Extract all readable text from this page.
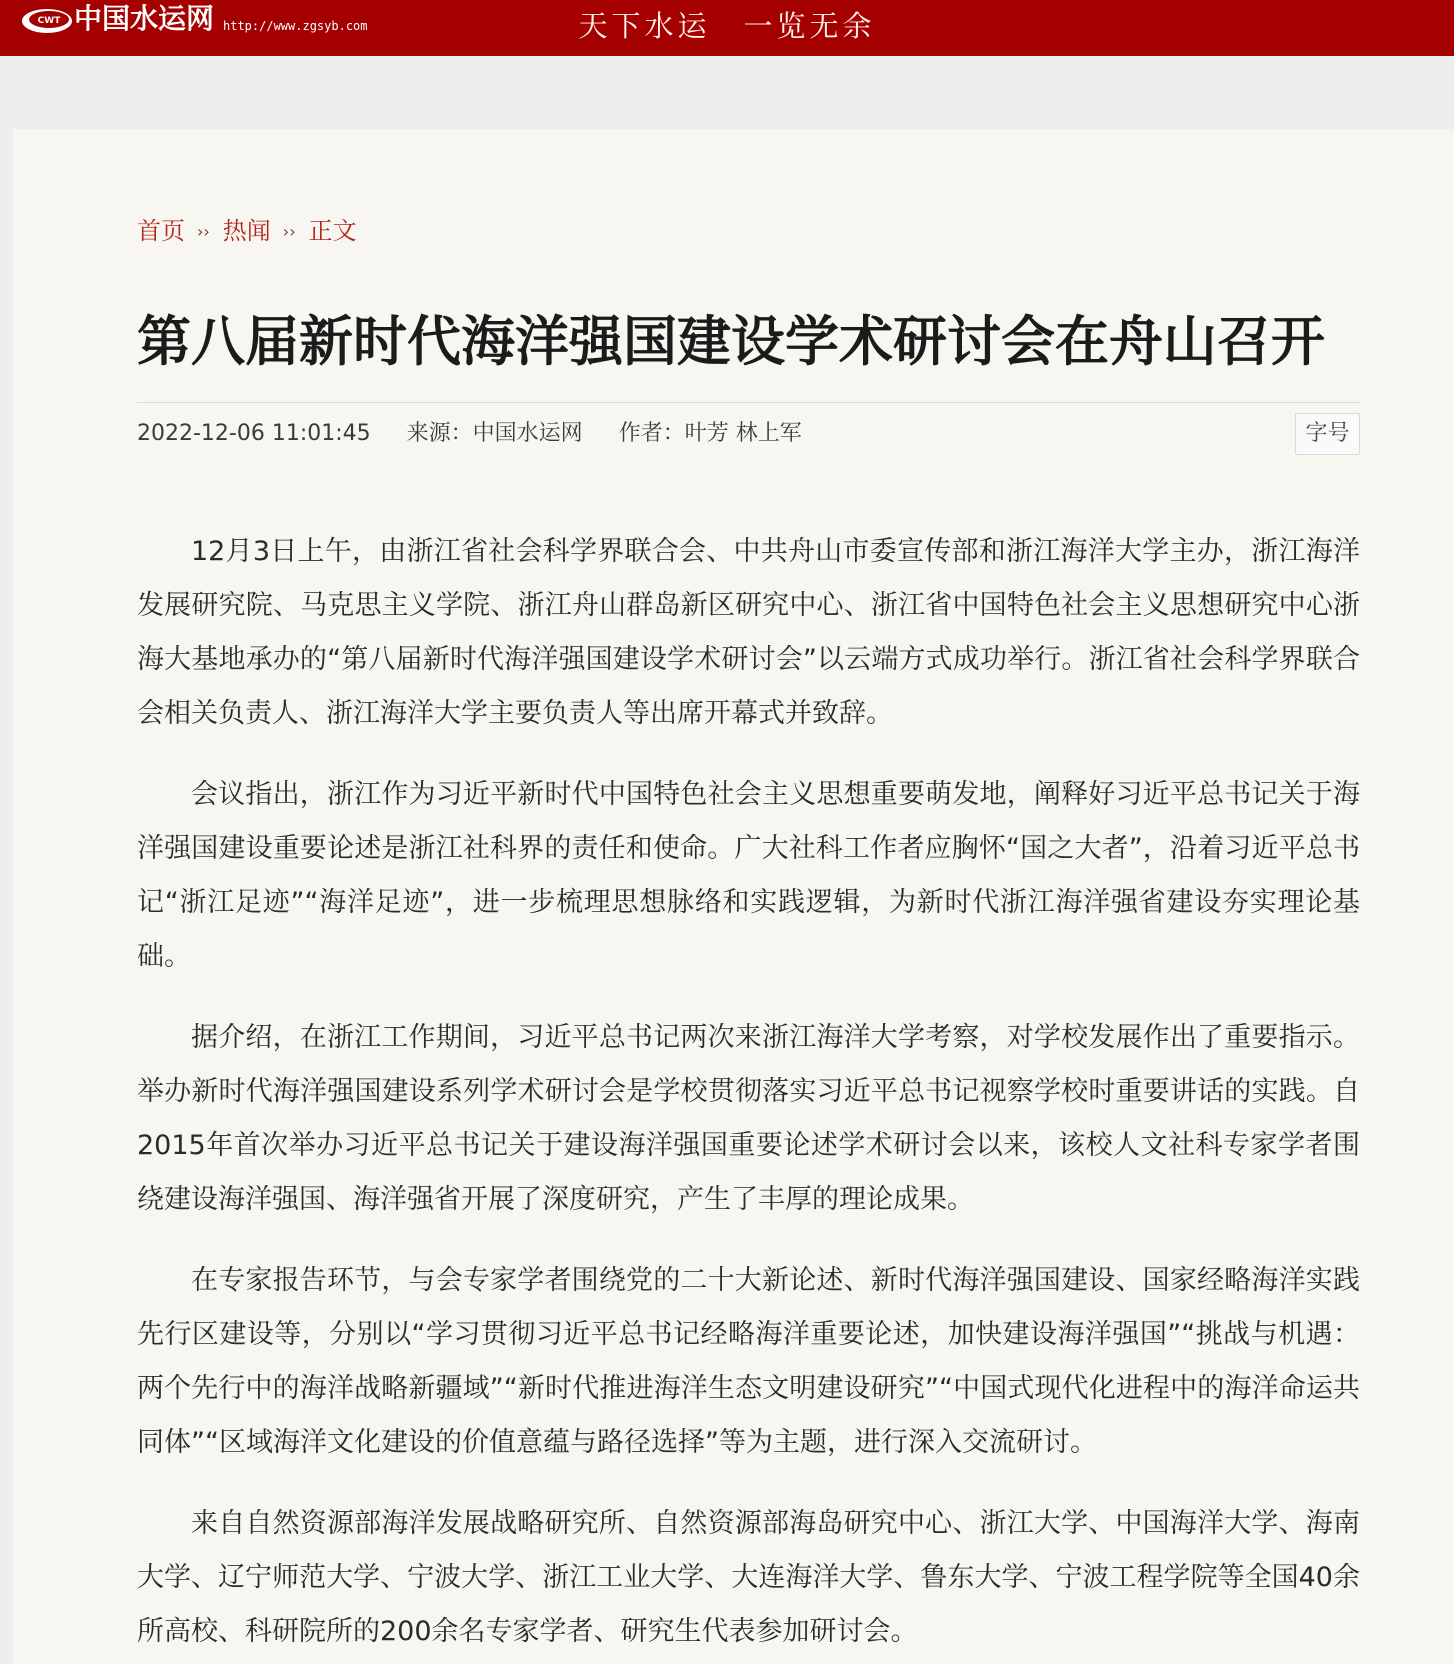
CWT 中国水运网 http://www.zgsyb.com	天下水运　一览无余
首页 ›› 热闻 ›› 正文
第八届新时代海洋强国建设学术研讨会在舟山召开
2022-12-06 11:01:45 来源：中国水运网 作者：叶芳 林上军	字号

12月3日上午，由浙江省社会科学界联合会、中共舟山市委宣传部和浙江海洋大学主办，浙江海洋发展研究院、马克思主义学院、浙江舟山群岛新区研究中心、浙江省中国特色社会主义思想研究中心浙海大基地承办的“第八届新时代海洋强国建设学术研讨会”以云端方式成功举行。浙江省社会科学界联合会相关负责人、浙江海洋大学主要负责人等出席开幕式并致辞。

会议指出，浙江作为习近平新时代中国特色社会主义思想重要萌发地，阐释好习近平总书记关于海洋强国建设重要论述是浙江社科界的责任和使命。广大社科工作者应胸怀“国之大者”，沿着习近平总书记“浙江足迹”“海洋足迹”，进一步梳理思想脉络和实践逻辑，为新时代浙江海洋强省建设夯实理论基础。

据介绍，在浙江工作期间，习近平总书记两次来浙江海洋大学考察，对学校发展作出了重要指示。举办新时代海洋强国建设系列学术研讨会是学校贯彻落实习近平总书记视察学校时重要讲话的实践。自2015年首次举办习近平总书记关于建设海洋强国重要论述学术研讨会以来，该校人文社科专家学者围绕建设海洋强国、海洋强省开展了深度研究，产生了丰厚的理论成果。

在专家报告环节，与会专家学者围绕党的二十大新论述、新时代海洋强国建设、国家经略海洋实践先行区建设等，分别以“学习贯彻习近平总书记经略海洋重要论述，加快建设海洋强国”“挑战与机遇：两个先行中的海洋战略新疆域”“新时代推进海洋生态文明建设研究”“中国式现代化进程中的海洋命运共同体”“区域海洋文化建设的价值意蕴与路径选择”等为主题，进行深入交流研讨。

来自自然资源部海洋发展战略研究所、自然资源部海岛研究中心、浙江大学、中国海洋大学、海南大学、辽宁师范大学、宁波大学、浙江工业大学、大连海洋大学、鲁东大学、宁波工程学院等全国40余所高校、科研院所的200余名专家学者、研究生代表参加研讨会。
